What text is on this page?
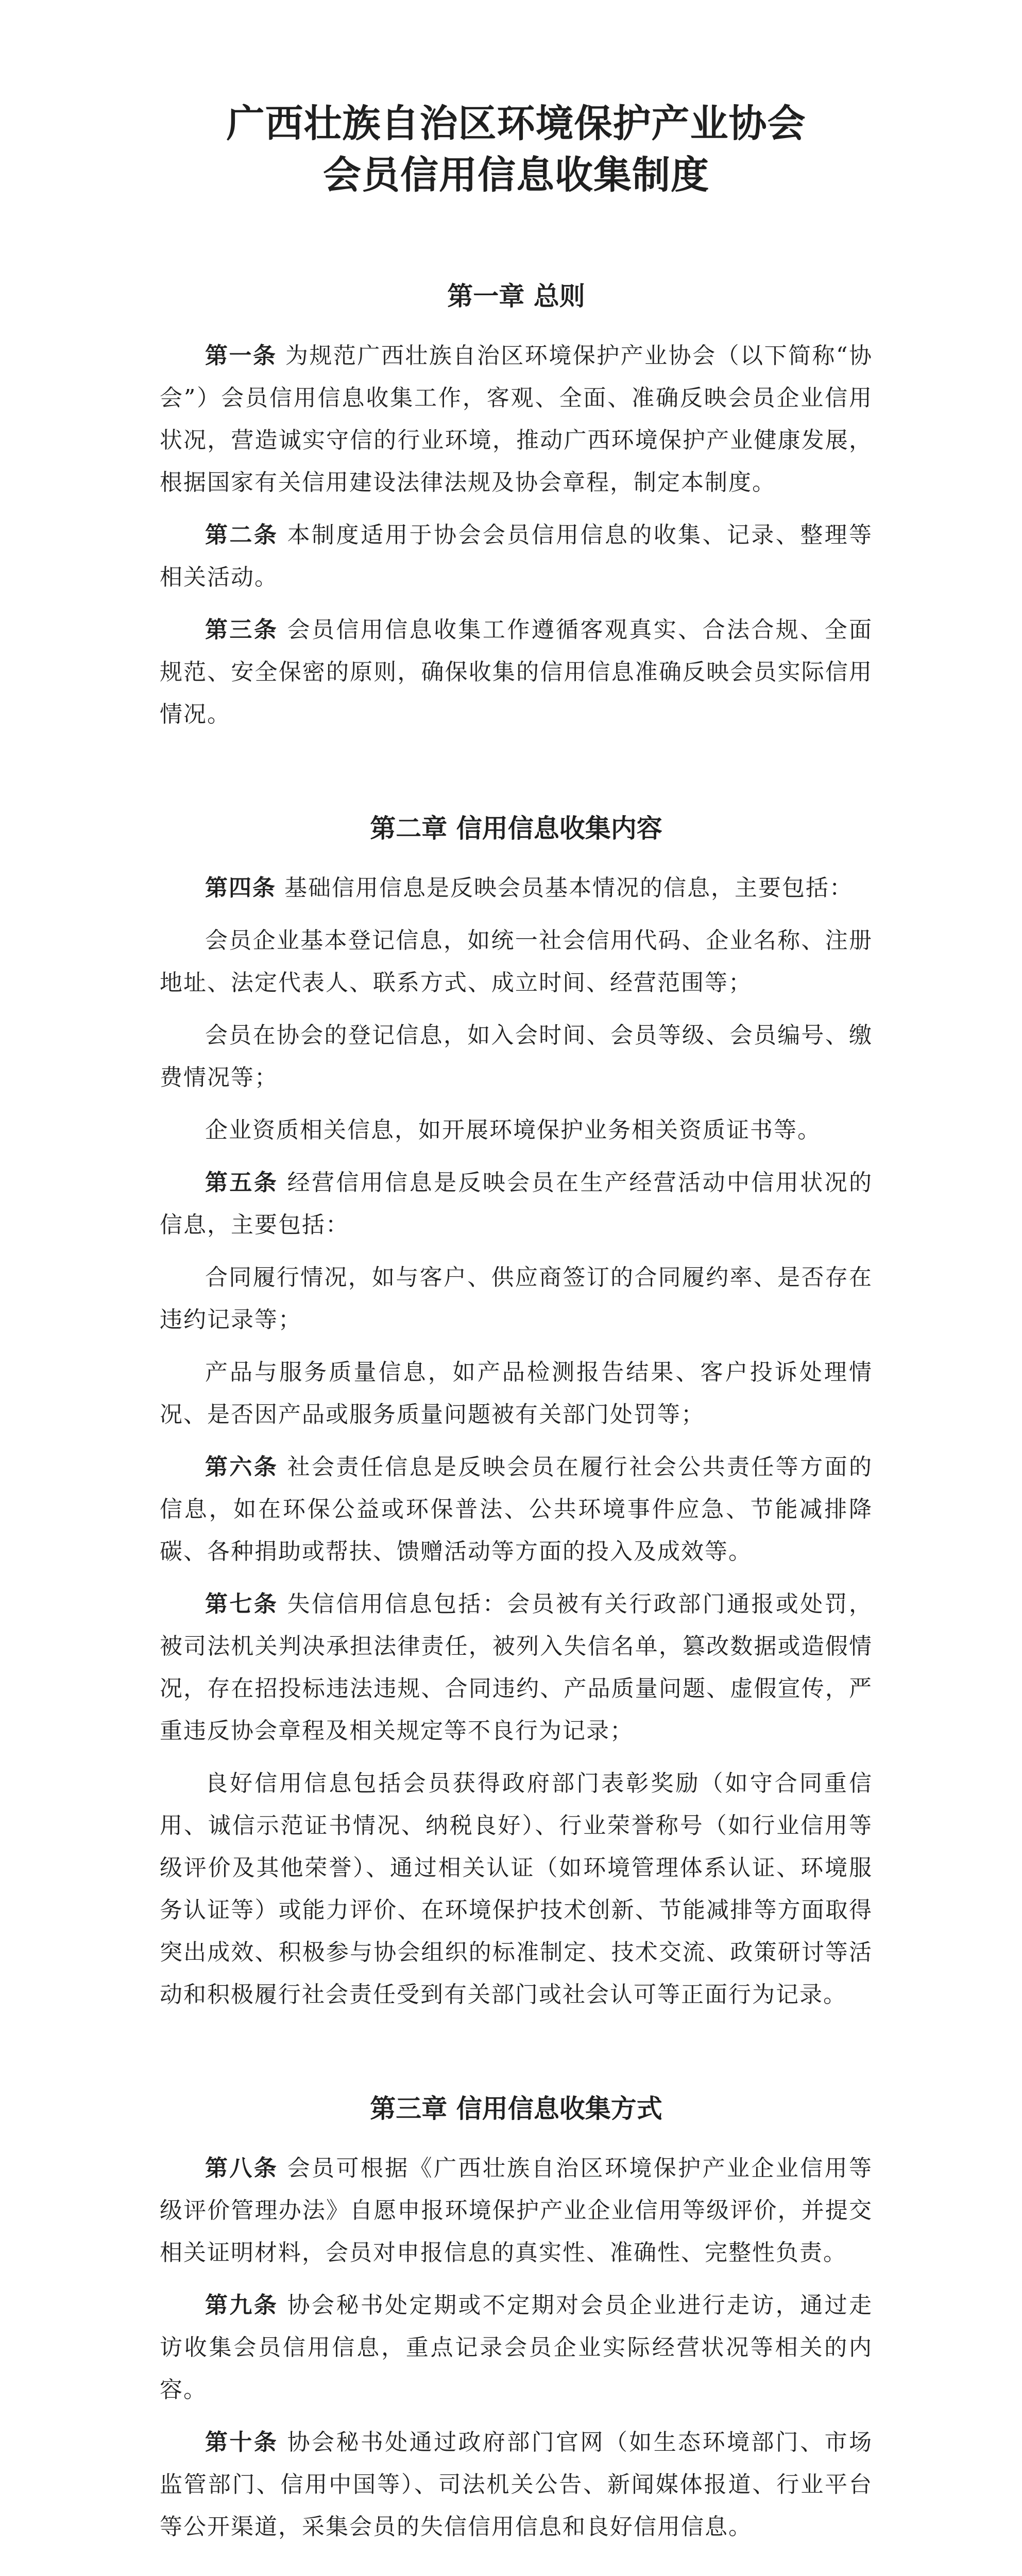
广西壮族自治区环境保护产业协会
会员信用信息收集制度
第一章 总则

第一条 为规范广西壮族自治区环境保护产业协会（以下简称“协会”）会员信用信息收集工作，客观、全面、准确反映会员企业信用状况，营造诚实守信的行业环境，推动广西环境保护产业健康发展，根据国家有关信用建设法律法规及协会章程，制定本制度。

第二条 本制度适用于协会会员信用信息的收集、记录、整理等相关活动。

第三条 会员信用信息收集工作遵循客观真实、合法合规、全面规范、安全保密的原则，确保收集的信用信息准确反映会员实际信用情况。

第二章 信用信息收集内容

第四条 基础信用信息是反映会员基本情况的信息，主要包括：

会员企业基本登记信息，如统一社会信用代码、企业名称、注册地址、法定代表人、联系方式、成立时间、经营范围等；

会员在协会的登记信息，如入会时间、会员等级、会员编号、缴费情况等；

企业资质相关信息，如开展环境保护业务相关资质证书等。

第五条 经营信用信息是反映会员在生产经营活动中信用状况的信息，主要包括：

合同履行情况，如与客户、供应商签订的合同履约率、是否存在违约记录等；

产品与服务质量信息，如产品检测报告结果、客户投诉处理情况、是否因产品或服务质量问题被有关部门处罚等；

第六条 社会责任信息是反映会员在履行社会公共责任等方面的信息，如在环保公益或环保普法、公共环境事件应急、节能减排降碳、各种捐助或帮扶、馈赠活动等方面的投入及成效等。

第七条 失信信用信息包括：会员被有关行政部门通报或处罚，被司法机关判决承担法律责任，被列入失信名单，篡改数据或造假情况，存在招投标违法违规、合同违约、产品质量问题、虚假宣传，严重违反协会章程及相关规定等不良行为记录；

良好信用信息包括会员获得政府部门表彰奖励（如守合同重信用、诚信示范证书情况、纳税良好）、行业荣誉称号（如行业信用等级评价及其他荣誉）、通过相关认证（如环境管理体系认证、环境服务认证等）或能力评价、在环境保护技术创新、节能减排等方面取得突出成效、积极参与协会组织的标准制定、技术交流、政策研讨等活动和积极履行社会责任受到有关部门或社会认可等正面行为记录。

第三章 信用信息收集方式

第八条 会员可根据《广西壮族自治区环境保护产业企业信用等级评价管理办法》自愿申报环境保护产业企业信用等级评价，并提交相关证明材料，会员对申报信息的真实性、准确性、完整性负责。

第九条 协会秘书处定期或不定期对会员企业进行走访，通过走访收集会员信用信息，重点记录会员企业实际经营状况等相关的内容。

第十条 协会秘书处通过政府部门官网（如生态环境部门、市场监管部门、信用中国等）、司法机关公告、新闻媒体报道、行业平台等公开渠道，采集会员的失信信用信息和良好信用信息。
